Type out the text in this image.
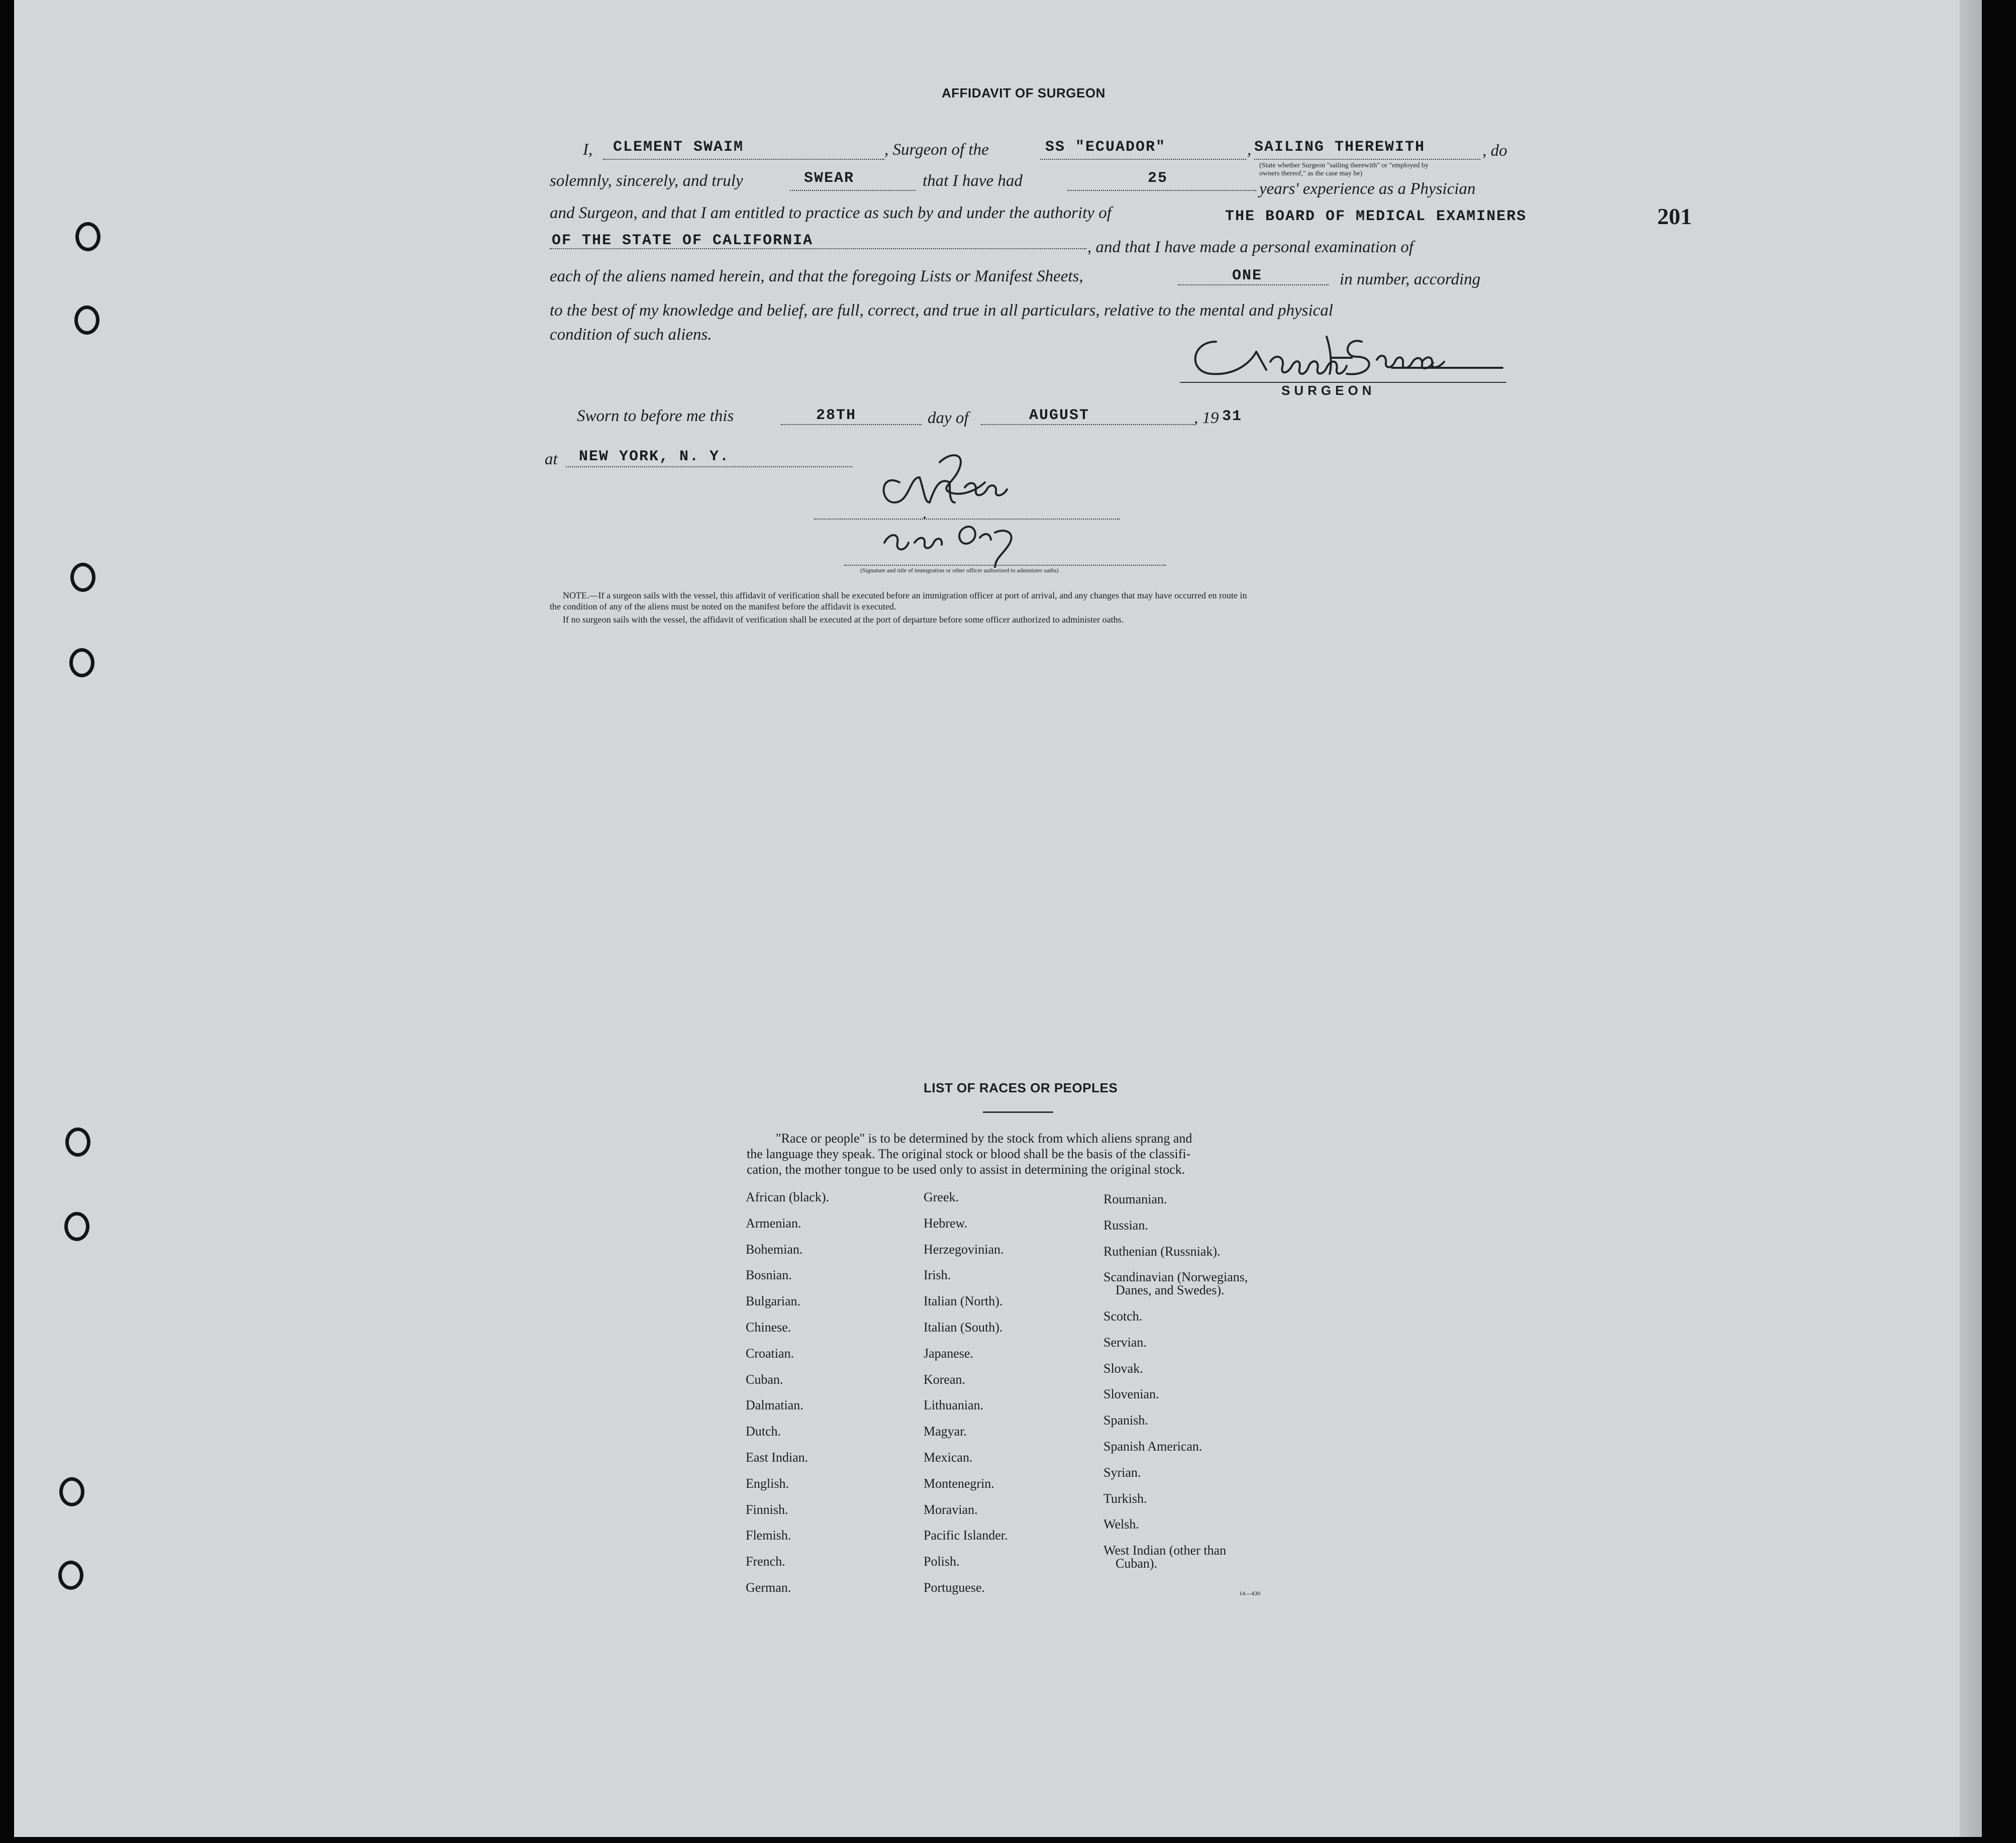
201
AFFIDAVIT OF SURGEON
I, CLEMENT SWAIM	, Surgeon of the	SS "ECUADOR"	, SAILING THEREWITH	, do
(State whether Surgeon "sailing therewith" or "employed by owners thereof," as the case may be)
solemnly, sincerely, and truly	SWEAR	that I have had	25
years' experience as a Physician
and Surgeon, and that I am entitled to practice as such by and under the authority of	THE BOARD OF MEDICAL EXAMINERS
OF THE STATE OF CALIFORNIA	, and that I have made a personal examination of
each of the aliens named herein, and that the foregoing Lists or Manifest Sheets,	ONE	in number, according
to the best of my knowledge and belief, are full, correct, and true in all particulars, relative to the mental and physical
condition of such aliens.
SURGEON
Sworn to before me this	28TH	day of	AUGUST	, 19 31
at NEW YORK, N. Y.
(Signature and title of immigration or other officer authorized to administer oaths)
NOTE.—If a surgeon sails with the vessel, this affidavit of verification shall be executed before an immigration officer at port of arrival, and any changes that may have occurred en route in
the condition of any of the aliens must be noted on the manifest before the affidavit is executed.
If no surgeon sails with the vessel, the affidavit of verification shall be executed at the port of departure before some officer authorized to administer oaths.
LIST OF RACES OR PEOPLES
"Race or people" is to be determined by the stock from which aliens sprang and
the language they speak. The original stock or blood shall be the basis of the classifi-
cation, the mother tongue to be used only to assist in determining the original stock.
African (black).
Armenian.
Bohemian.
Bosnian.
Bulgarian.
Chinese.
Croatian.
Cuban.
Dalmatian.
Dutch.
East Indian.
English.
Finnish.
Flemish.
French.
German.
Greek.
Hebrew.
Herzegovinian.
Irish.
Italian (North).
Italian (South).
Japanese.
Korean.
Lithuanian.
Magyar.
Mexican.
Montenegrin.
Moravian.
Pacific Islander.
Polish.
Portuguese.
Roumanian.
Russian.
Ruthenian (Russniak).
Scandinavian (Norwegians,
Danes, and Swedes).
Scotch.
Servian.
Slovak.
Slovenian.
Spanish.
Spanish American.
Syrian.
Turkish.
Welsh.
West Indian (other than
Cuban).
14—430
